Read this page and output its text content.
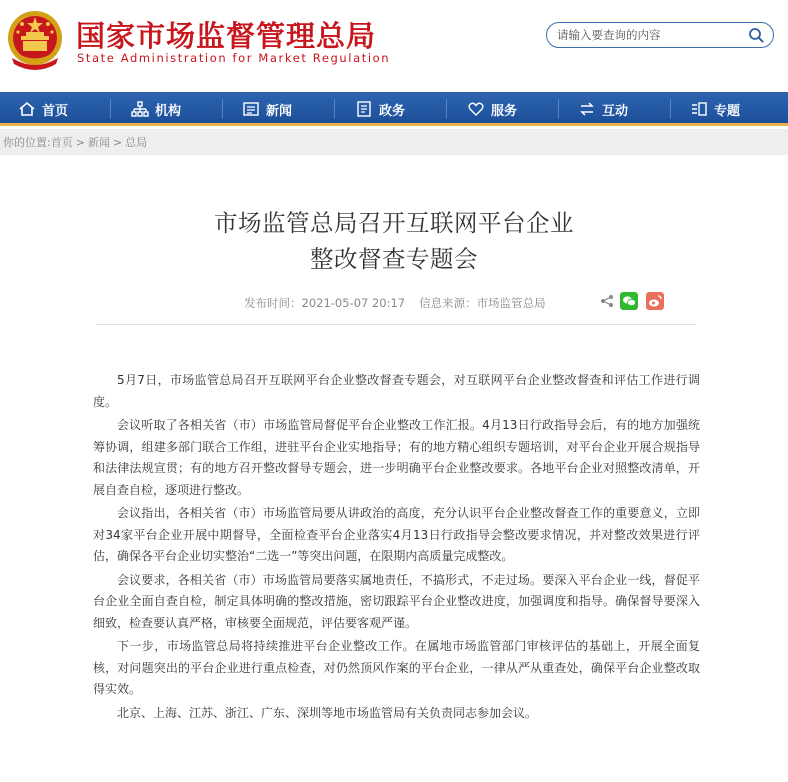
国家市场监督管理总局
State Administration for Market Regulation
请输入要查询的内容
首页	机构	新闻	政务	服务	互动	专题
你的位置: 首页 > 新闻 > 总局
市场监管总局召开互联网平台企业
整改督查专题会
发布时间：2021-05-07 20:17 信息来源：市场监管总局

5月7日，市场监管总局召开互联网平台企业整改督查专题会，对互联网平台企业整改督查和评估工作进行调度。

会议听取了各相关省（市）市场监管局督促平台企业整改工作汇报。4月13日行政指导会后，有的地方加强统筹协调，组建多部门联合工作组，进驻平台企业实地指导；有的地方精心组织专题培训，对平台企业开展合规指导和法律法规宣贯；有的地方召开整改督导专题会，进一步明确平台企业整改要求。各地平台企业对照整改清单，开展自查自检，逐项进行整改。

会议指出，各相关省（市）市场监管局要从讲政治的高度，充分认识平台企业整改督查工作的重要意义，立即对34家平台企业开展中期督导，全面检查平台企业落实4月13日行政指导会整改要求情况，并对整改效果进行评估，确保各平台企业切实整治“二选一”等突出问题，在限期内高质量完成整改。

会议要求，各相关省（市）市场监管局要落实属地责任，不搞形式，不走过场。要深入平台企业一线，督促平台企业全面自查自检，制定具体明确的整改措施，密切跟踪平台企业整改进度，加强调度和指导。确保督导要深入细致，检查要认真严格，审核要全面规范，评估要客观严谨。

下一步，市场监管总局将持续推进平台企业整改工作。在属地市场监管部门审核评估的基础上，开展全面复核，对问题突出的平台企业进行重点检查，对仍然顶风作案的平台企业，一律从严从重查处，确保平台企业整改取得实效。

北京、上海、江苏、浙江、广东、深圳等地市场监管局有关负责同志参加会议。
